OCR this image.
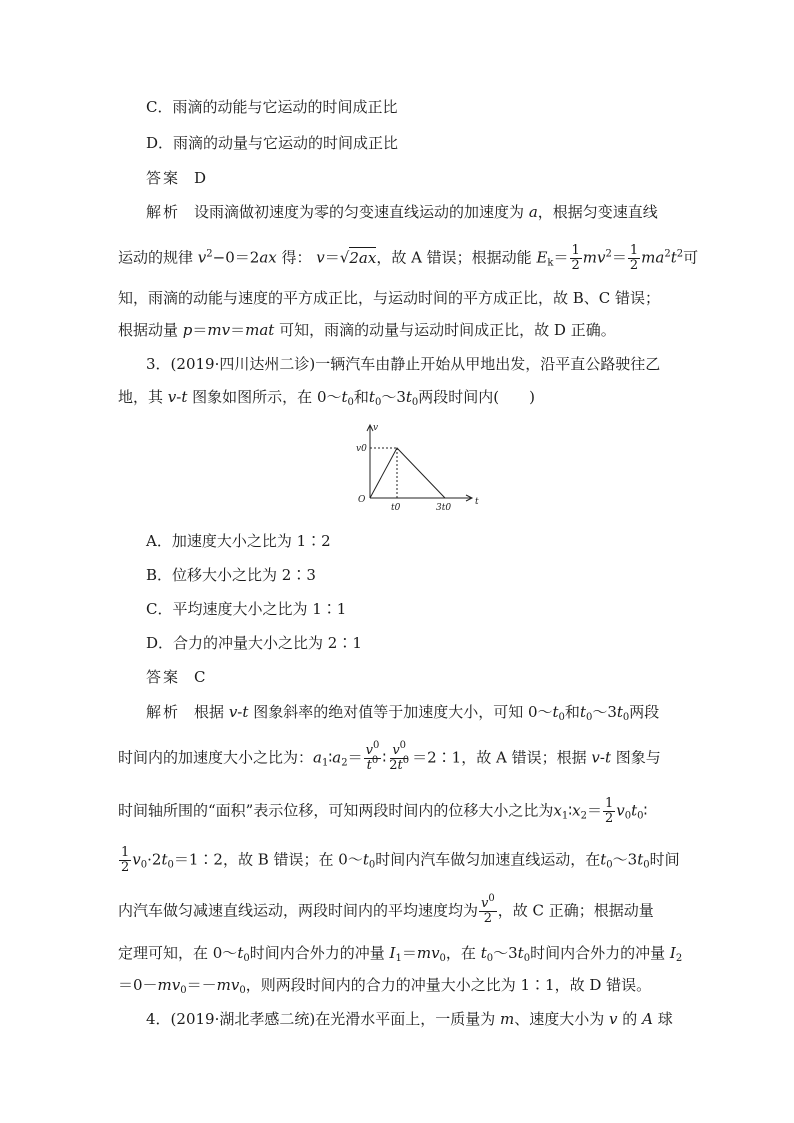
C．雨滴的动能与它运动的时间成正比
D．雨滴的动量与它运动的时间成正比
答案 D
解析 设雨滴做初速度为零的匀变速直线运动的加速度为 a，根据匀变速直线
运动的规律 $v^2-0=2ax$ 得： v＝√2ax，故 A 错误；根据动能 $E_k= \frac{1}{2} mv^2= \frac{1}{2} ma^2t^2$可
知，雨滴的动能与速度的平方成正比，与运动时间的平方成正比，故 B、C 错误；
根据动量 p＝mv＝mat 可知，雨滴的动量与运动时间成正比，故 D 正确。
3．(2019·四川达州二诊)一辆汽车由静止开始从甲地出发，沿平直公路驶往乙
地，其 v-t 图象如图所示，在 $0\sim t_0$和$t_0\sim 3t_0$两段时间内(　　)
v
t
O
v0
t0	3t0
A．加速度大小之比为 1∶2
B．位移大小之比为 2∶3
C．平均速度大小之比为 1∶1
D．合力的冲量大小之比为 2∶1
答案 C
解析 根据 v-t 图象斜率的绝对值等于加速度大小，可知 $0\sim t_0$和$t_0\sim 3t_0$两段
时间内的加速度大小之比为：$a_1∶a_2= \frac{v^0}{t^0}$ ∶ $\frac{v^0}{2t^0}$ ＝2∶1，故 A 错误；根据 v-t 图象与
时间轴所围的“面积”表示位移，可知两段时间内的位移大小之比为$x_1∶x_2= \frac{1}{2}$ $v_0t_0∶$
$\frac{1}{2}$ $v_0\cdot 2t_0=1∶2$，故 B 错误；在 $0\sim t_0$时间内汽车做匀加速直线运动，在$t_0\sim 3t_0$时间
内汽车做匀减速直线运动，两段时间内的平均速度均为 $\frac{v^0}{2}$ ，故 C 正确；根据动量
定理可知，在 $0\sim t_0$时间内合外力的冲量 $I_1=mv_0$，在 $t_0\sim 3t_0$时间内合外力的冲量 $I_2$
$=0-mv_0=-mv_0$，则两段时间内的合力的冲量大小之比为 1∶1，故 D 错误。
4．(2019·湖北孝感二统)在光滑水平面上，一质量为 m、速度大小为 v 的 A 球
